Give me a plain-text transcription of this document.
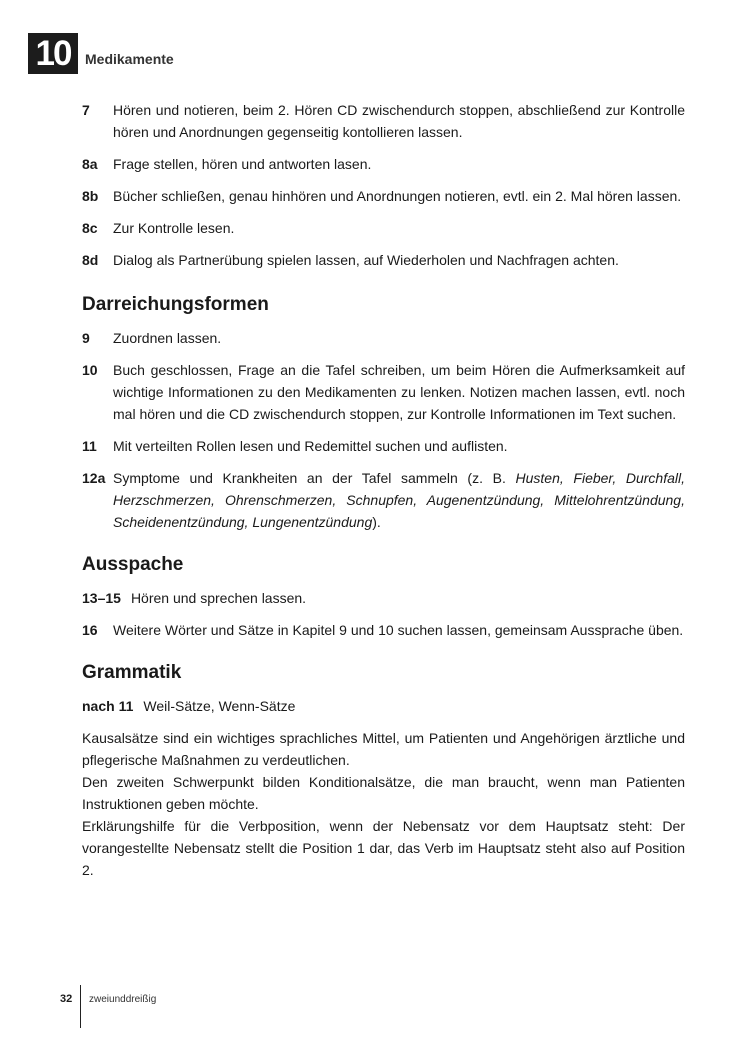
10	Medikamente
7 Hören und notieren, beim 2. Hören CD zwischendurch stoppen, abschließend zur Kontrolle hören und Anordnungen gegenseitig kontollieren lassen.
8a Frage stellen, hören und antworten lasen.
8b Bücher schließen, genau hinhören und Anordnungen notieren, evtl. ein 2. Mal hören lassen.
8c Zur Kontrolle lesen.
8d Dialog als Partnerübung spielen lassen, auf Wiederholen und Nachfragen achten.
Darreichungsformen
9 Zuordnen lassen.
10 Buch geschlossen, Frage an die Tafel schreiben, um beim Hören die Aufmerksamkeit auf wichtige Informationen zu den Medikamenten zu lenken. Notizen machen lassen, evtl. noch mal hören und die CD zwischendurch stoppen, zur Kontrolle Informationen im Text suchen.
11 Mit verteilten Rollen lesen und Redemittel suchen und auflisten.
12a Symptome und Krankheiten an der Tafel sammeln (z. B. Husten, Fieber, Durchfall, Herzschmerzen, Ohrenschmerzen, Schnupfen, Augenentzündung, Mittelohrentzündung, Scheidenentzündung, Lungenentzündung).
Ausspache
13–15 Hören und sprechen lassen.
16 Weitere Wörter und Sätze in Kapitel 9 und 10 suchen lassen, gemeinsam Aussprache üben.
Grammatik
nach 11 Weil-Sätze, Wenn-Sätze
Kausalsätze sind ein wichtiges sprachliches Mittel, um Patienten und Angehörigen ärztliche und pflegerische Maßnahmen zu verdeutlichen.
Den zweiten Schwerpunkt bilden Konditionalsätze, die man braucht, wenn man Patienten Instruktionen geben möchte.
Erklärungshilfe für die Verbposition, wenn der Nebensatz vor dem Hauptsatz steht: Der vorangestellte Nebensatz stellt die Position 1 dar, das Verb im Hauptsatz steht also auf Position 2.
32 zweiunddreißig
